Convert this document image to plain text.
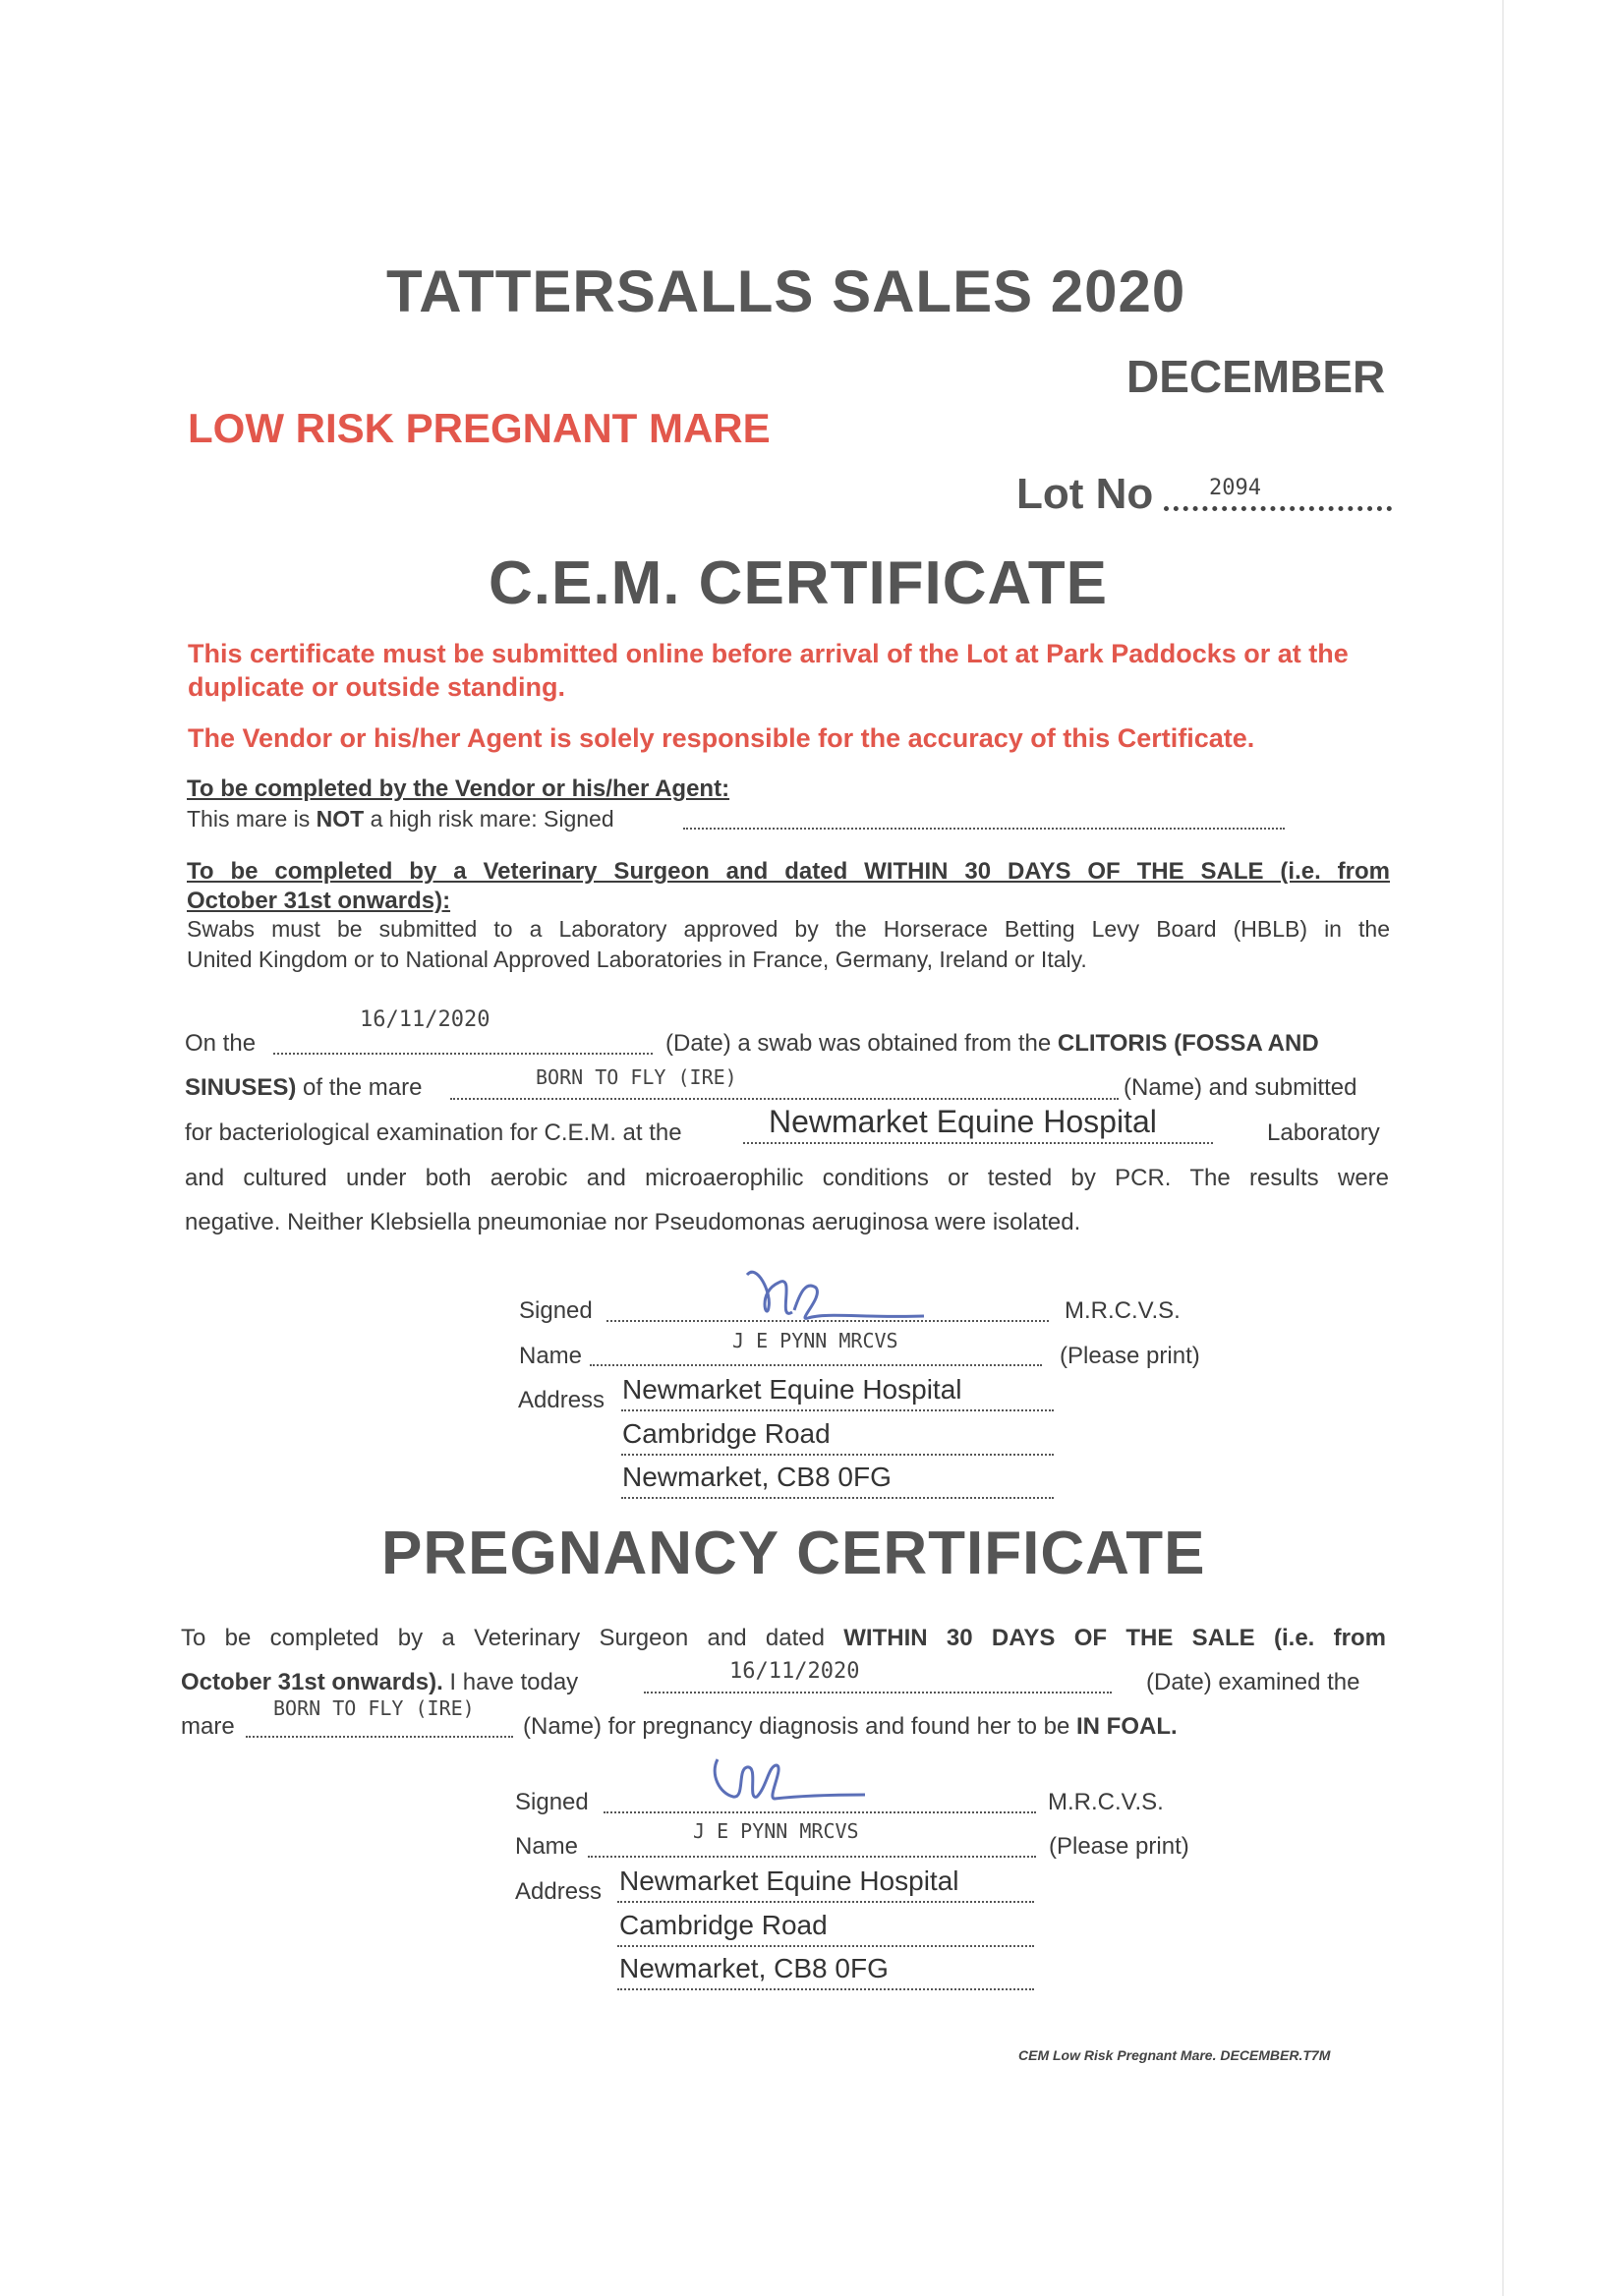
TATTERSALLS SALES 2020
DECEMBER
LOW RISK PREGNANT MARE
Lot No	2094
C.E.M. CERTIFICATE
This certificate must be submitted online before arrival of the Lot at Park Paddocks or at the duplicate or outside standing.
The Vendor or his/her Agent is solely responsible for the accuracy of this Certificate.
To be completed by the Vendor or his/her Agent:
This mare is NOT a high risk mare: Signed
To be completed by a Veterinary Surgeon and dated WITHIN 30 DAYS OF THE SALE (i.e. from
October 31st onwards):
Swabs must be submitted to a Laboratory approved by the Horserace Betting Levy Board (HBLB) in the
United Kingdom or to National Approved Laboratories in France, Germany, Ireland or Italy.
On the
16/11/2020
(Date) a swab was obtained from the CLITORIS (FOSSA AND
SINUSES) of the mare	BORN TO FLY (IRE)	(Name) and submitted
for bacteriological examination for C.E.M. at the	Newmarket Equine Hospital	Laboratory
and cultured under both aerobic and microaerophilic conditions or tested by PCR. The results were
negative. Neither Klebsiella pneumoniae nor Pseudomonas aeruginosa were isolated.
Signed	M.R.C.V.S.
Name
J E PYNN MRCVS
(Please print)
Address Newmarket Equine Hospital
Cambridge Road
Newmarket, CB8 0FG
PREGNANCY CERTIFICATE
To be completed by a Veterinary Surgeon and dated WITHIN 30 DAYS OF THE SALE (i.e. from
October 31st onwards). I have today	16/11/2020	(Date) examined the
mare
BORN TO FLY (IRE)
(Name) for pregnancy diagnosis and found her to be IN FOAL.
Signed	M.R.C.V.S.
Name
J E PYNN MRCVS
(Please print)
Address Newmarket Equine Hospital
Cambridge Road
Newmarket, CB8 0FG
CEM Low Risk Pregnant Mare. DECEMBER.T7M
